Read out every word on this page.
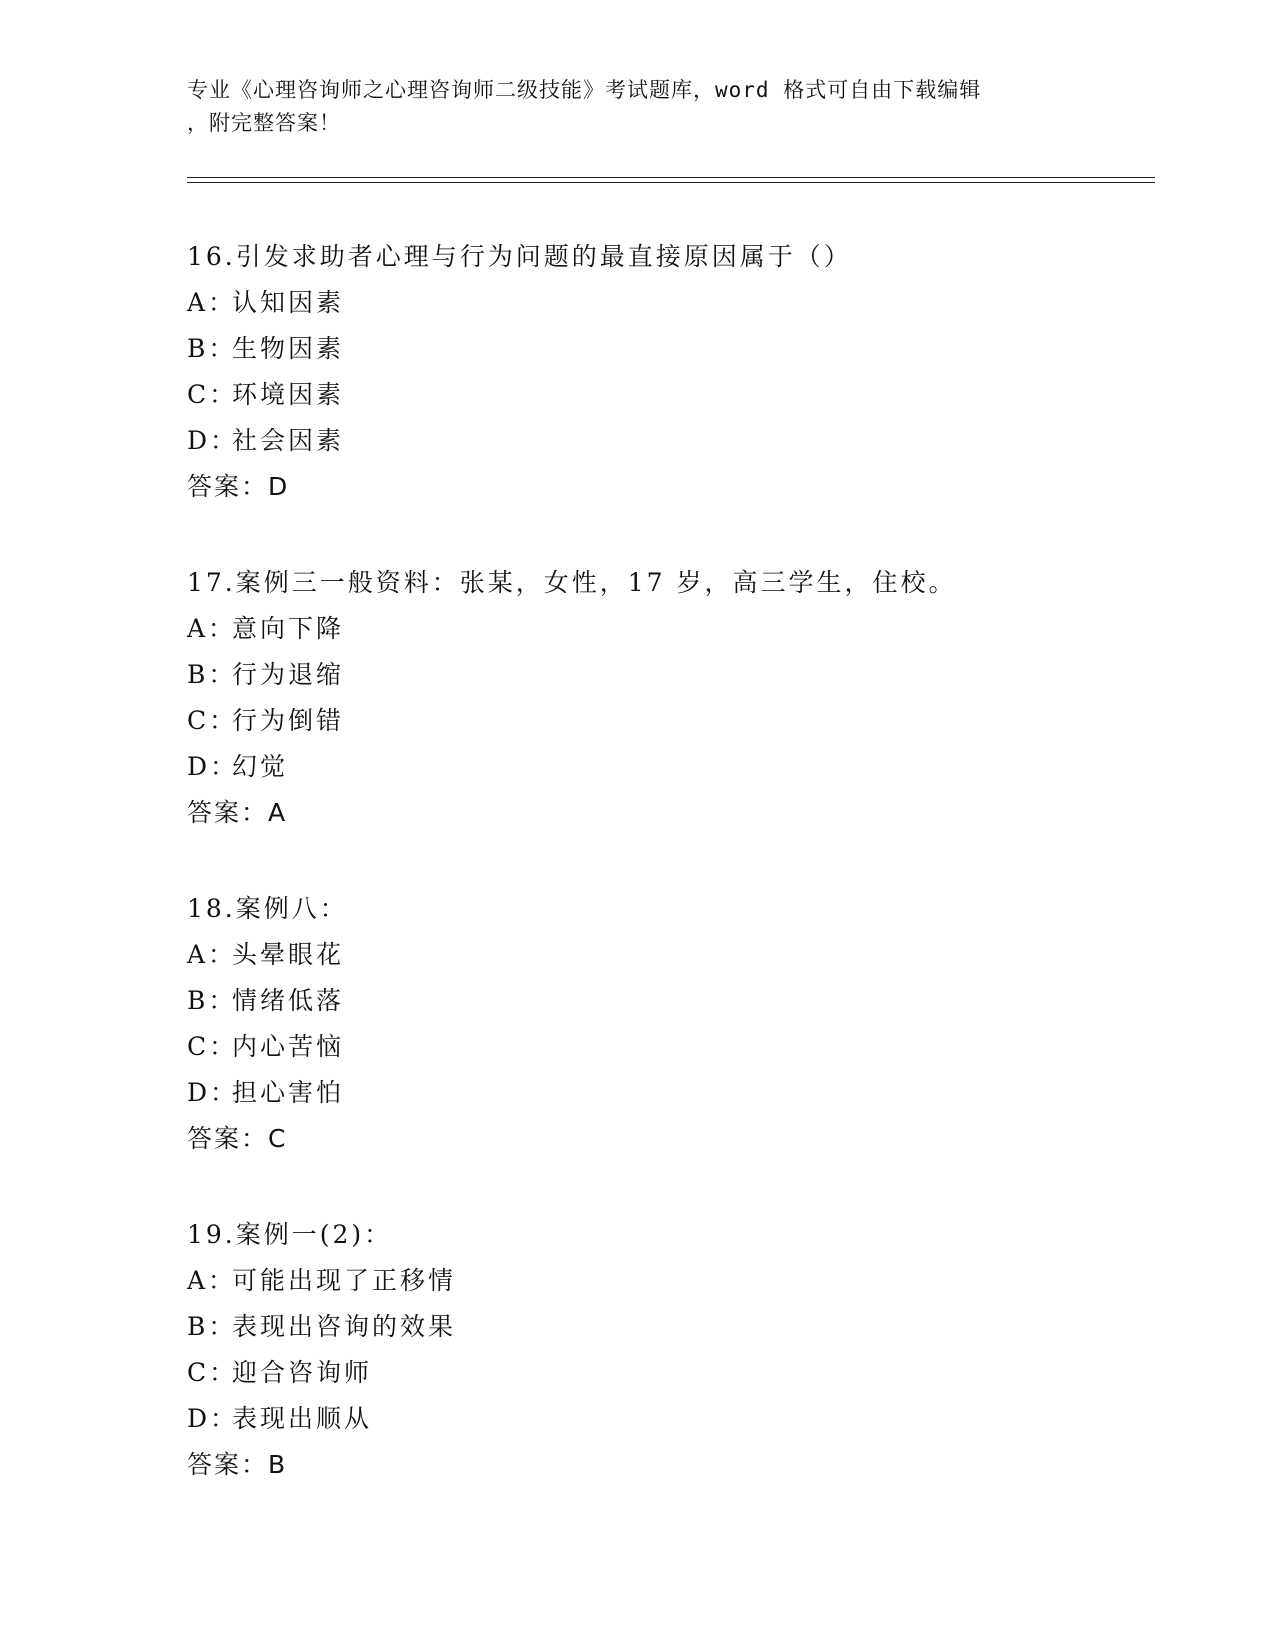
专业《心理咨询师之心理咨询师二级技能》考试题库，word 格式可自由下载编辑
，附完整答案！
16.引发求助者心理与行为问题的最直接原因属于（）
A：
认知因素
B：
生物因素
C：
环境因素
D：
社会因素
答案：D
17.案例三一般资料：张某，女性，17 岁，高三学生，住校。
A：
意向下降
B：
行为退缩
C：
行为倒错
D：
幻觉
答案：A
18.案例八：
A：
头晕眼花
B：
情绪低落
C：
内心苦恼
D：
担心害怕
答案：C
19.案例一(2)：
A：
可能出现了正移情
B：
表现出咨询的效果
C：
迎合咨询师
D：
表现出顺从
答案：B
